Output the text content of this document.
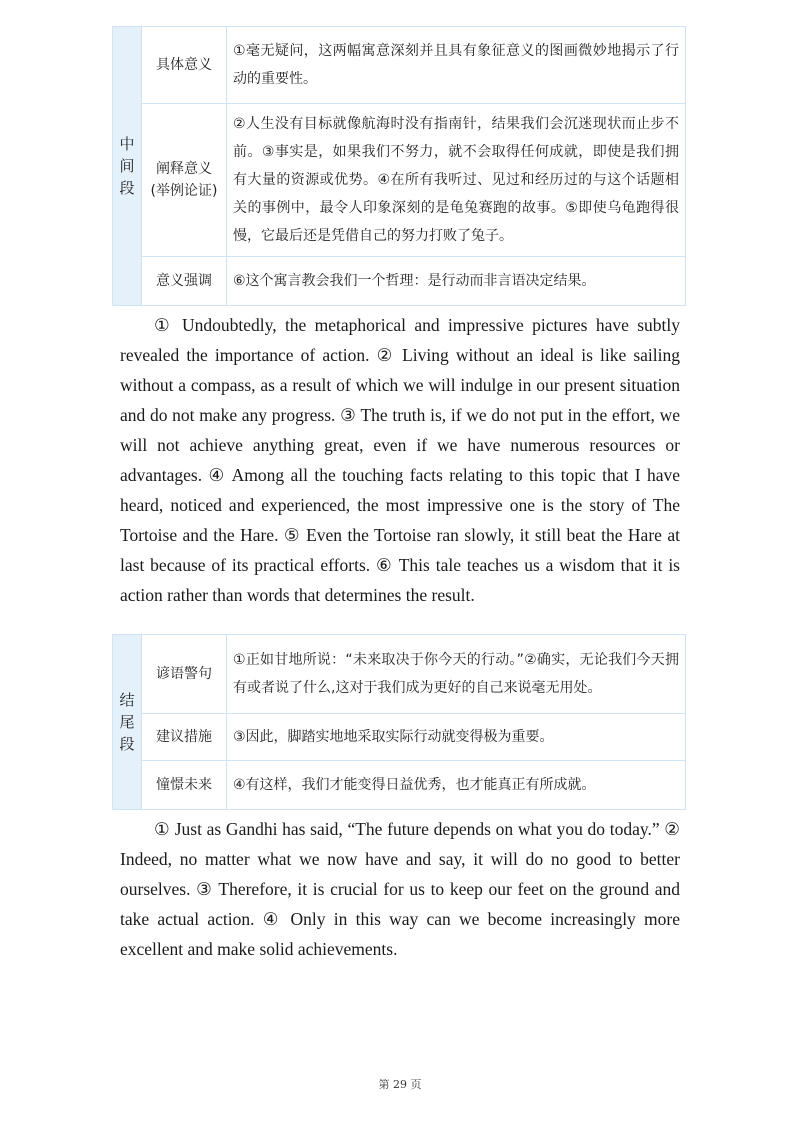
中
间
段	具体意义	①毫无疑问，这两幅寓意深刻并且具有象征意义的图画微妙地揭示了行动的重要性。
	阐释意义
(举例论证)	②人生没有目标就像航海时没有指南针，结果我们会沉迷现状而止步不前。③事实是，如果我们不努力，就不会取得任何成就，即使是我们拥有大量的资源或优势。④在所有我听过、见过和经历过的与这个话题相关的事例中，最令人印象深刻的是龟兔赛跑的故事。⑤即使乌龟跑得很慢，它最后还是凭借自己的努力打败了兔子。
	意义强调	⑥这个寓言教会我们一个哲理：是行动而非言语决定结果。

① Undoubtedly, the metaphorical and impressive pictures have subtly revealed the importance of action. ② Living without an ideal is like sailing without a compass, as a result of which we will indulge in our present situation and do not make any progress. ③ The truth is, if we do not put in the effort, we will not achieve anything great, even if we have numerous resources or advantages. ④ Among all the touching facts relating to this topic that I have heard, noticed and experienced, the most impressive one is the story of The Tortoise and the Hare. ⑤ Even the Tortoise ran slowly, it still beat the Hare at last because of its practical efforts. ⑥ This tale teaches us a wisdom that it is action rather than words that determines the result.

结
尾
段	谚语警句	①正如甘地所说：“未来取决于你今天的行动。”②确实，无论我们今天拥有或者说了什么,这对于我们成为更好的自己来说毫无用处。
	建议措施	③因此，脚踏实地地采取实际行动就变得极为重要。
	憧憬未来	④有这样，我们才能变得日益优秀，也才能真正有所成就。

① Just as Gandhi has said, “The future depends on what you do today.” ② Indeed, no matter what we now have and say, it will do no good to better ourselves. ③ Therefore, it is crucial for us to keep our feet on the ground and take actual action. ④ Only in this way can we become increasingly more excellent and make solid achievements.

第 29 页
